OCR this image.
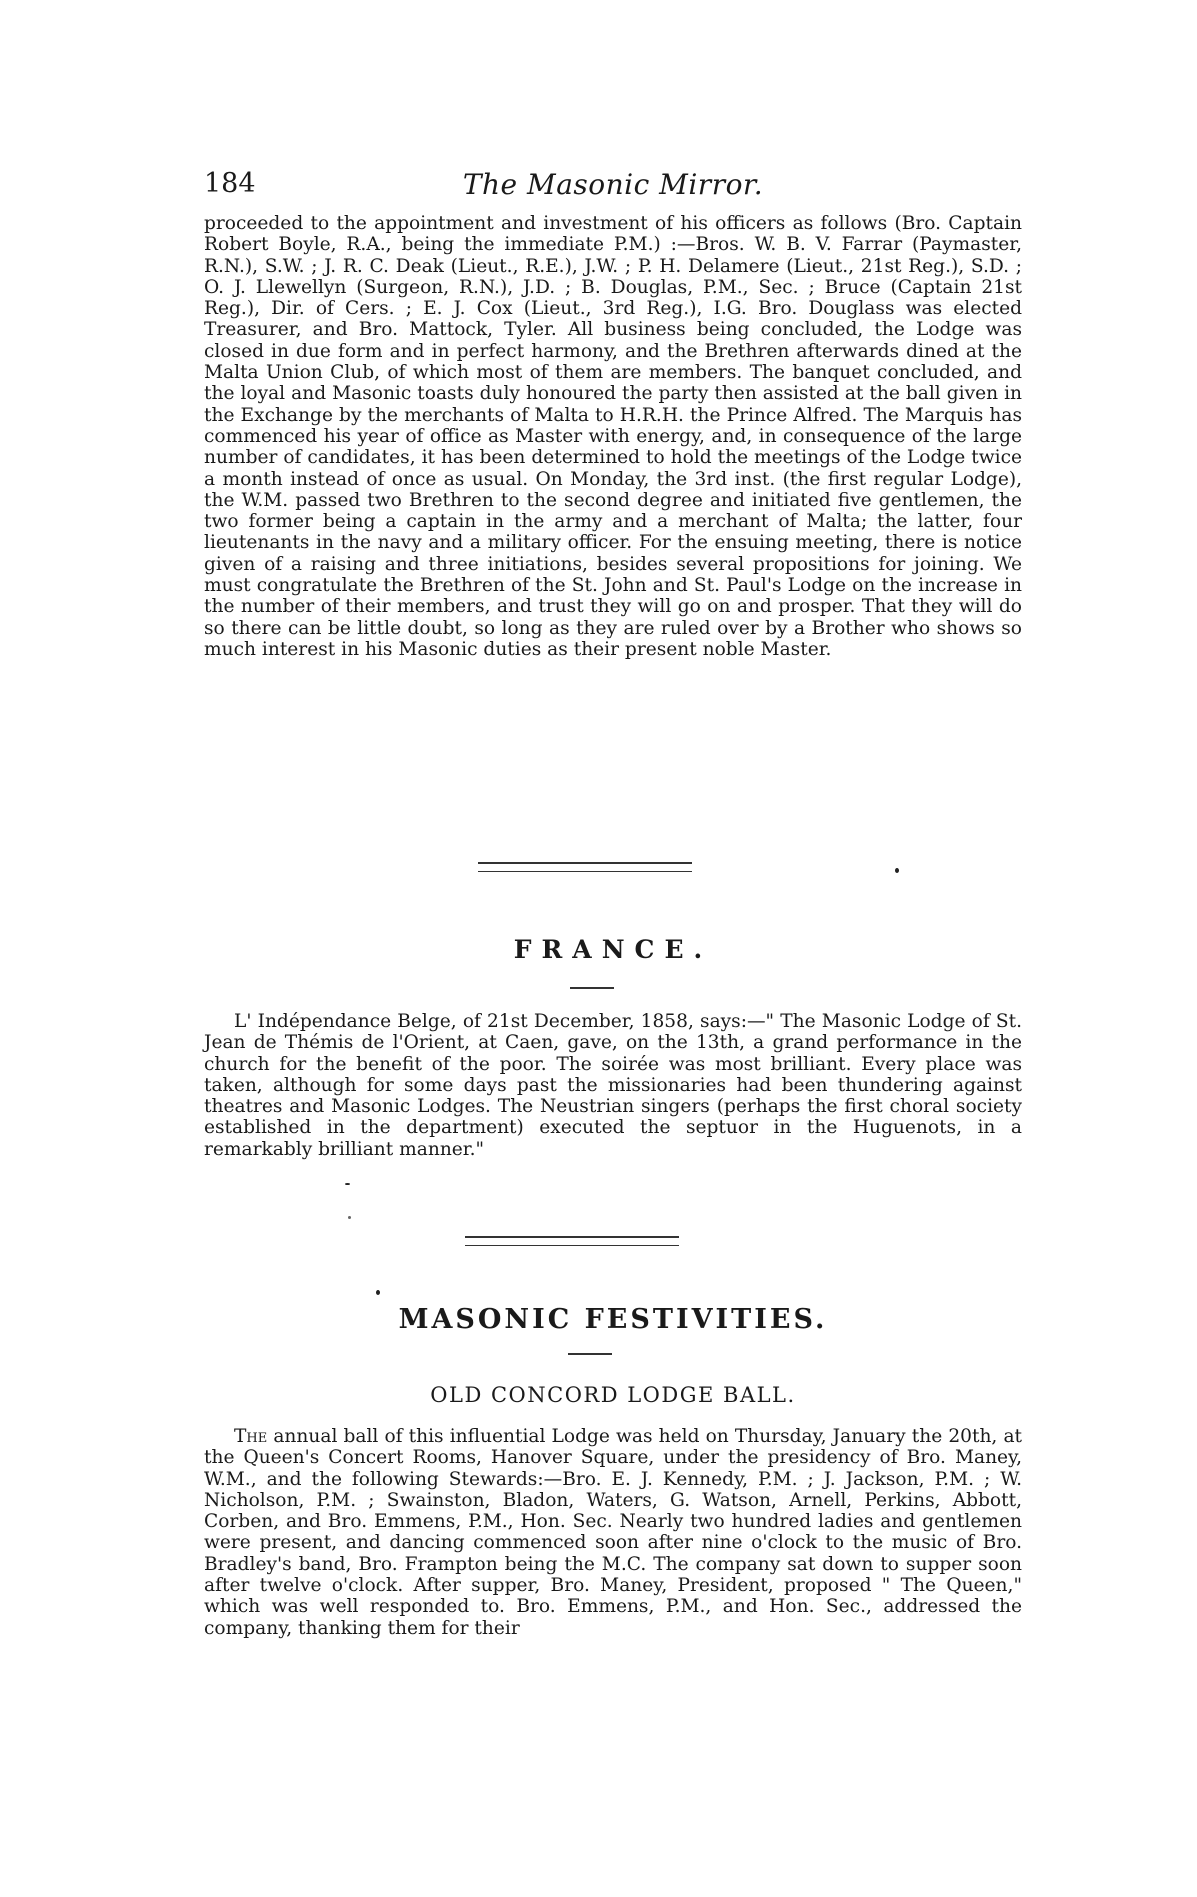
184	The Masonic Mirror.

proceeded to the appointment and investment of his officers as follows (Bro. Captain Robert Boyle, R.A., being the immediate P.M.) :—Bros. W. B. V. Farrar (Paymaster, R.N.), S.W. ; J. R. C. Deak (Lieut., R.E.), J.W. ; P. H. Delamere (Lieut., 21st Reg.), S.D. ; O. J. Llewellyn (Surgeon, R.N.), J.D. ; B. Douglas, P.M., Sec. ; Bruce (Captain 21st Reg.), Dir. of Cers. ; E. J. Cox (Lieut., 3rd Reg.), I.G. Bro. Douglass was elected Treasurer, and Bro. Mattock, Tyler. All business being concluded, the Lodge was closed in due form and in perfect harmony, and the Brethren afterwards dined at the Malta Union Club, of which most of them are members. The banquet concluded, and the loyal and Masonic toasts duly honoured the party then assisted at the ball given in the Exchange by the merchants of Malta to H.R.H. the Prince Alfred. The Marquis has commenced his year of office as Master with energy, and, in consequence of the large number of candidates, it has been determined to hold the meetings of the Lodge twice a month instead of once as usual. On Monday, the 3rd inst. (the first regular Lodge), the W.M. passed two Brethren to the second degree and initiated five gentlemen, the two former being a captain in the army and a merchant of Malta; the latter, four lieutenants in the navy and a military officer. For the ensuing meeting, there is notice given of a raising and three initiations, besides several propositions for joining. We must congratulate the Brethren of the St. John and St. Paul's Lodge on the increase in the number of their members, and trust they will go on and prosper. That they will do so there can be little doubt, so long as they are ruled over by a Brother who shows so much interest in his Masonic duties as their present noble Master.

FRANCE.

L' Indépendance Belge, of 21st December, 1858, says:—" The Masonic Lodge of St. Jean de Thémis de l'Orient, at Caen, gave, on the 13th, a grand performance in the church for the benefit of the poor. The soirée was most brilliant. Every place was taken, although for some days past the missionaries had been thundering against theatres and Masonic Lodges. The Neustrian singers (perhaps the first choral society established in the department) executed the septuor in the Huguenots, in a remarkably brilliant manner."

MASONIC FESTIVITIES.
OLD CONCORD LODGE BALL.

The annual ball of this influential Lodge was held on Thursday, January the 20th, at the Queen's Concert Rooms, Hanover Square, under the presidency of Bro. Maney, W.M., and the following Stewards:—Bro. E. J. Kennedy, P.M. ; J. Jackson, P.M. ; W. Nicholson, P.M. ; Swainston, Bladon, Waters, G. Watson, Arnell, Perkins, Abbott, Corben, and Bro. Emmens, P.M., Hon. Sec. Nearly two hundred ladies and gentlemen were present, and dancing commenced soon after nine o'clock to the music of Bro. Bradley's band, Bro. Frampton being the M.C. The company sat down to supper soon after twelve o'clock. After supper, Bro. Maney, President, proposed " The Queen," which was well responded to. Bro. Emmens, P.M., and Hon. Sec., addressed the company, thanking them for their
